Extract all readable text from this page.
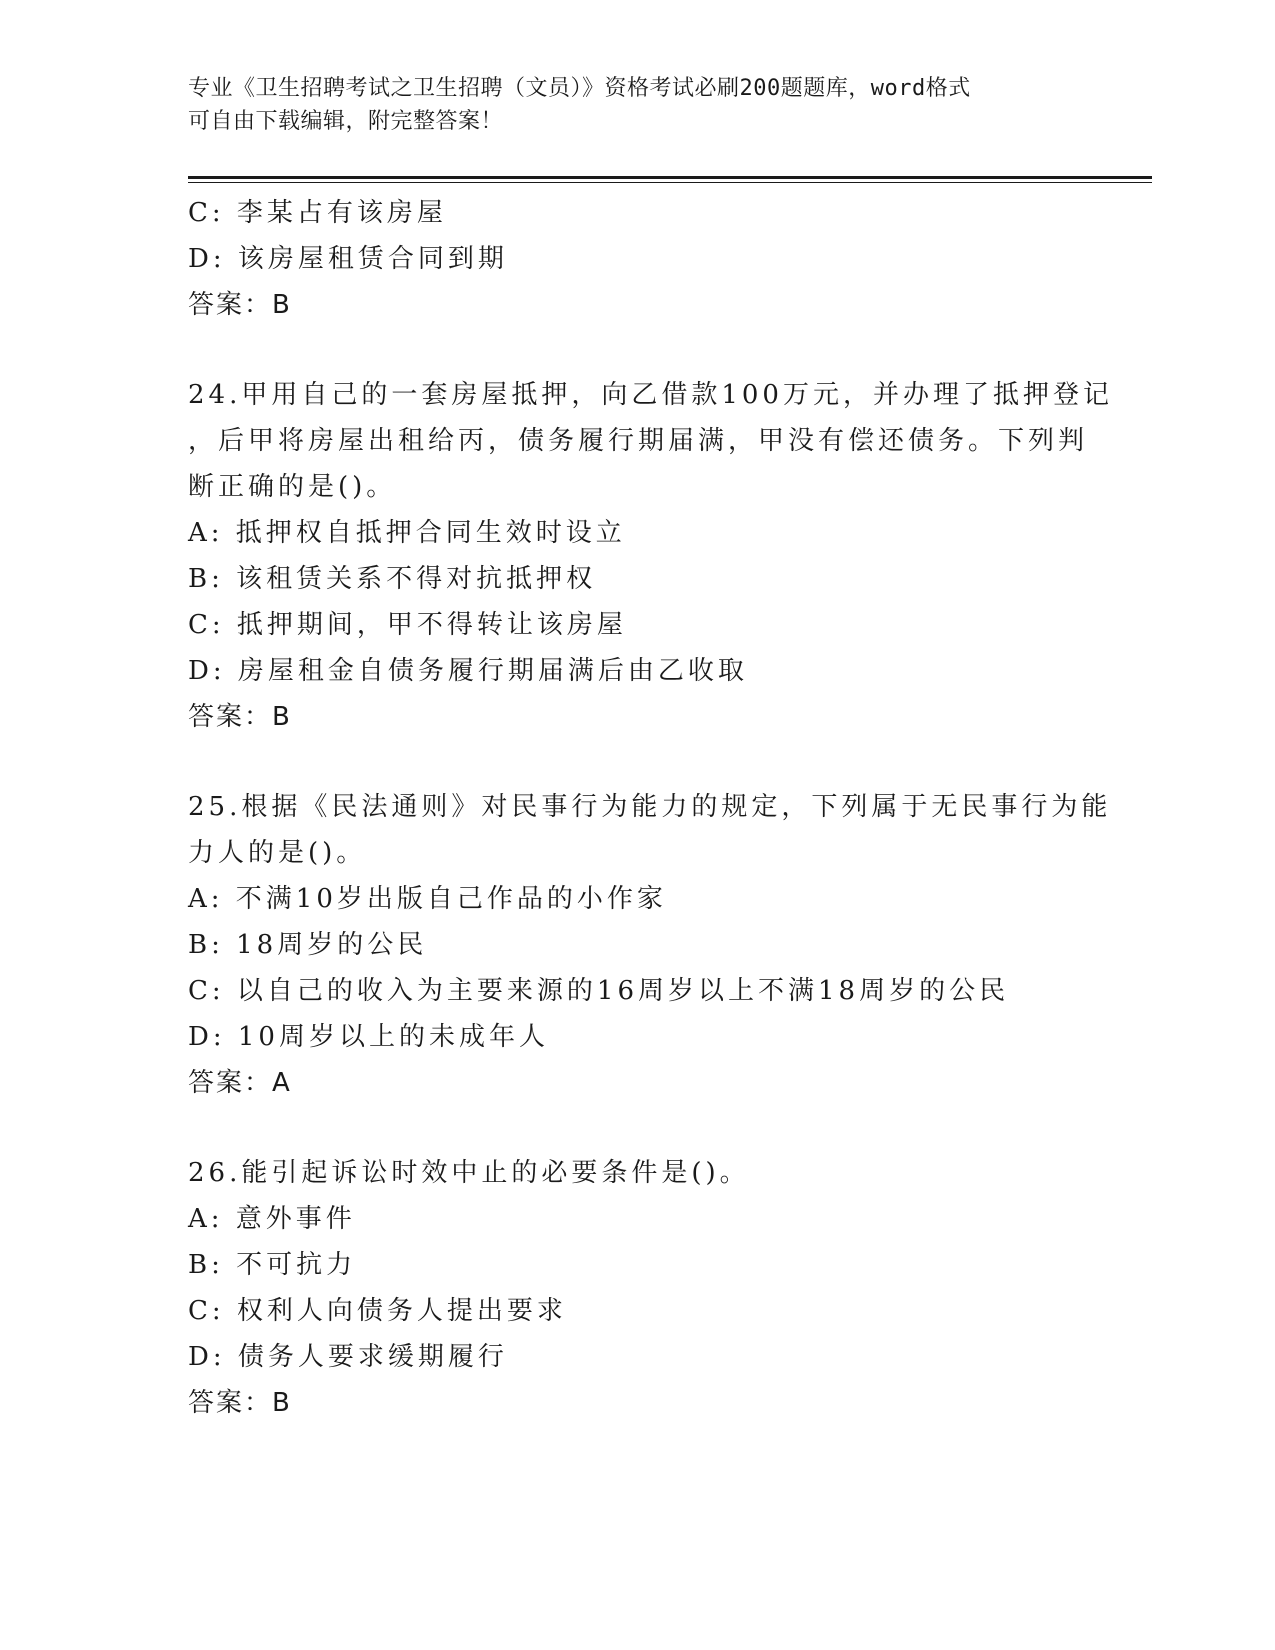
专业《卫生招聘考试之卫生招聘（文员）》资格考试必刷200题题库，word格式
可自由下载编辑，附完整答案！
C: 李某占有该房屋
D: 该房屋租赁合同到期
答案：B
24.甲用自己的一套房屋抵押，向乙借款100万元，并办理了抵押登记
，后甲将房屋出租给丙，债务履行期届满，甲没有偿还债务。下列判
断正确的是()。
A: 抵押权自抵押合同生效时设立
B: 该租赁关系不得对抗抵押权
C: 抵押期间，甲不得转让该房屋
D: 房屋租金自债务履行期届满后由乙收取
答案：B
25.根据《民法通则》对民事行为能力的规定，下列属于无民事行为能
力人的是()。
A: 不满10岁出版自己作品的小作家
B: 18周岁的公民
C: 以自己的收入为主要来源的16周岁以上不满18周岁的公民
D: 10周岁以上的未成年人
答案：A
26.能引起诉讼时效中止的必要条件是()。
A: 意外事件
B: 不可抗力
C: 权利人向债务人提出要求
D: 债务人要求缓期履行
答案：B
